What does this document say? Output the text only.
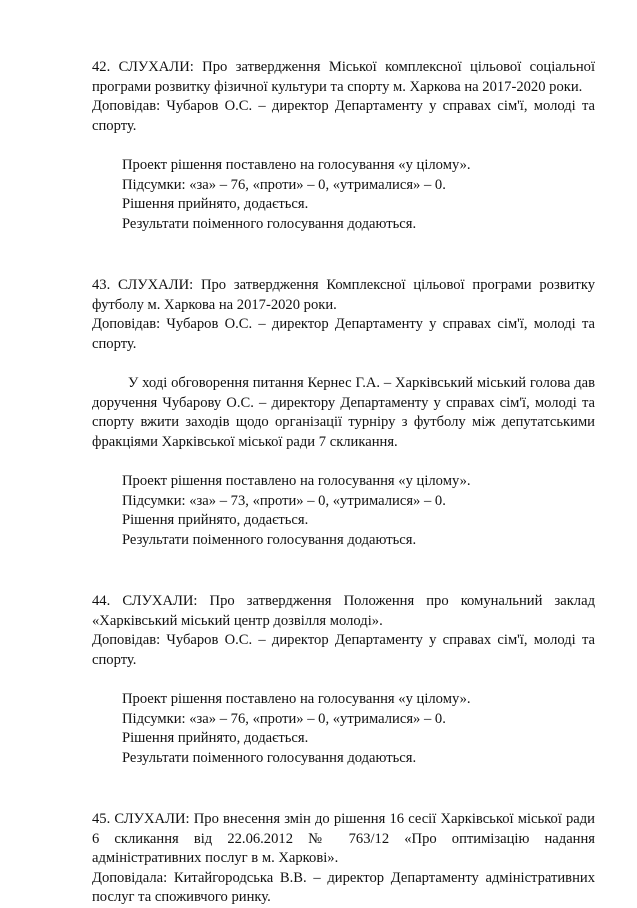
42. СЛУХАЛИ: Про затвердження Міської комплексної цільової соціальної програми розвитку фізичної культури та спорту м. Харкова на 2017-2020 роки.

Доповідав: Чубаров О.С. – директор Департаменту у справах сім'ї, молоді та спорту.

Проект рішення поставлено на голосування «у цілому».

Підсумки: «за» – 76, «проти» – 0, «утрималися» – 0.

Рішення прийнято, додається.

Результати поіменного голосування додаються.

43. СЛУХАЛИ: Про затвердження Комплексної цільової програми розвитку футболу м. Харкова на 2017-2020 роки.

Доповідав: Чубаров О.С. – директор Департаменту у справах сім'ї, молоді та спорту.

У ході обговорення питання Кернес Г.А. – Харківський міський голова дав доручення Чубарову О.С. – директору Департаменту у справах сім'ї, молоді та спорту вжити заходів щодо організації турніру з футболу між депутатськими фракціями Харківської міської ради 7 скликання.

Проект рішення поставлено на голосування «у цілому».

Підсумки: «за» – 73, «проти» – 0, «утрималися» – 0.

Рішення прийнято, додається.

Результати поіменного голосування додаються.

44. СЛУХАЛИ: Про затвердження Положення про комунальний заклад «Харківський міський центр дозвілля молоді».

Доповідав: Чубаров О.С. – директор Департаменту у справах сім'ї, молоді та спорту.

Проект рішення поставлено на голосування «у цілому».

Підсумки: «за» – 76, «проти» – 0, «утрималися» – 0.

Рішення прийнято, додається.

Результати поіменного голосування додаються.

45. СЛУХАЛИ: Про внесення змін до рішення 16 сесії Харківської міської ради 6 скликання від 22.06.2012 № 763/12 «Про оптимізацію надання адміністративних послуг в м. Харкові».

Доповідала: Китайгородська В.В. – директор Департаменту адміністративних послуг та споживчого ринку.
